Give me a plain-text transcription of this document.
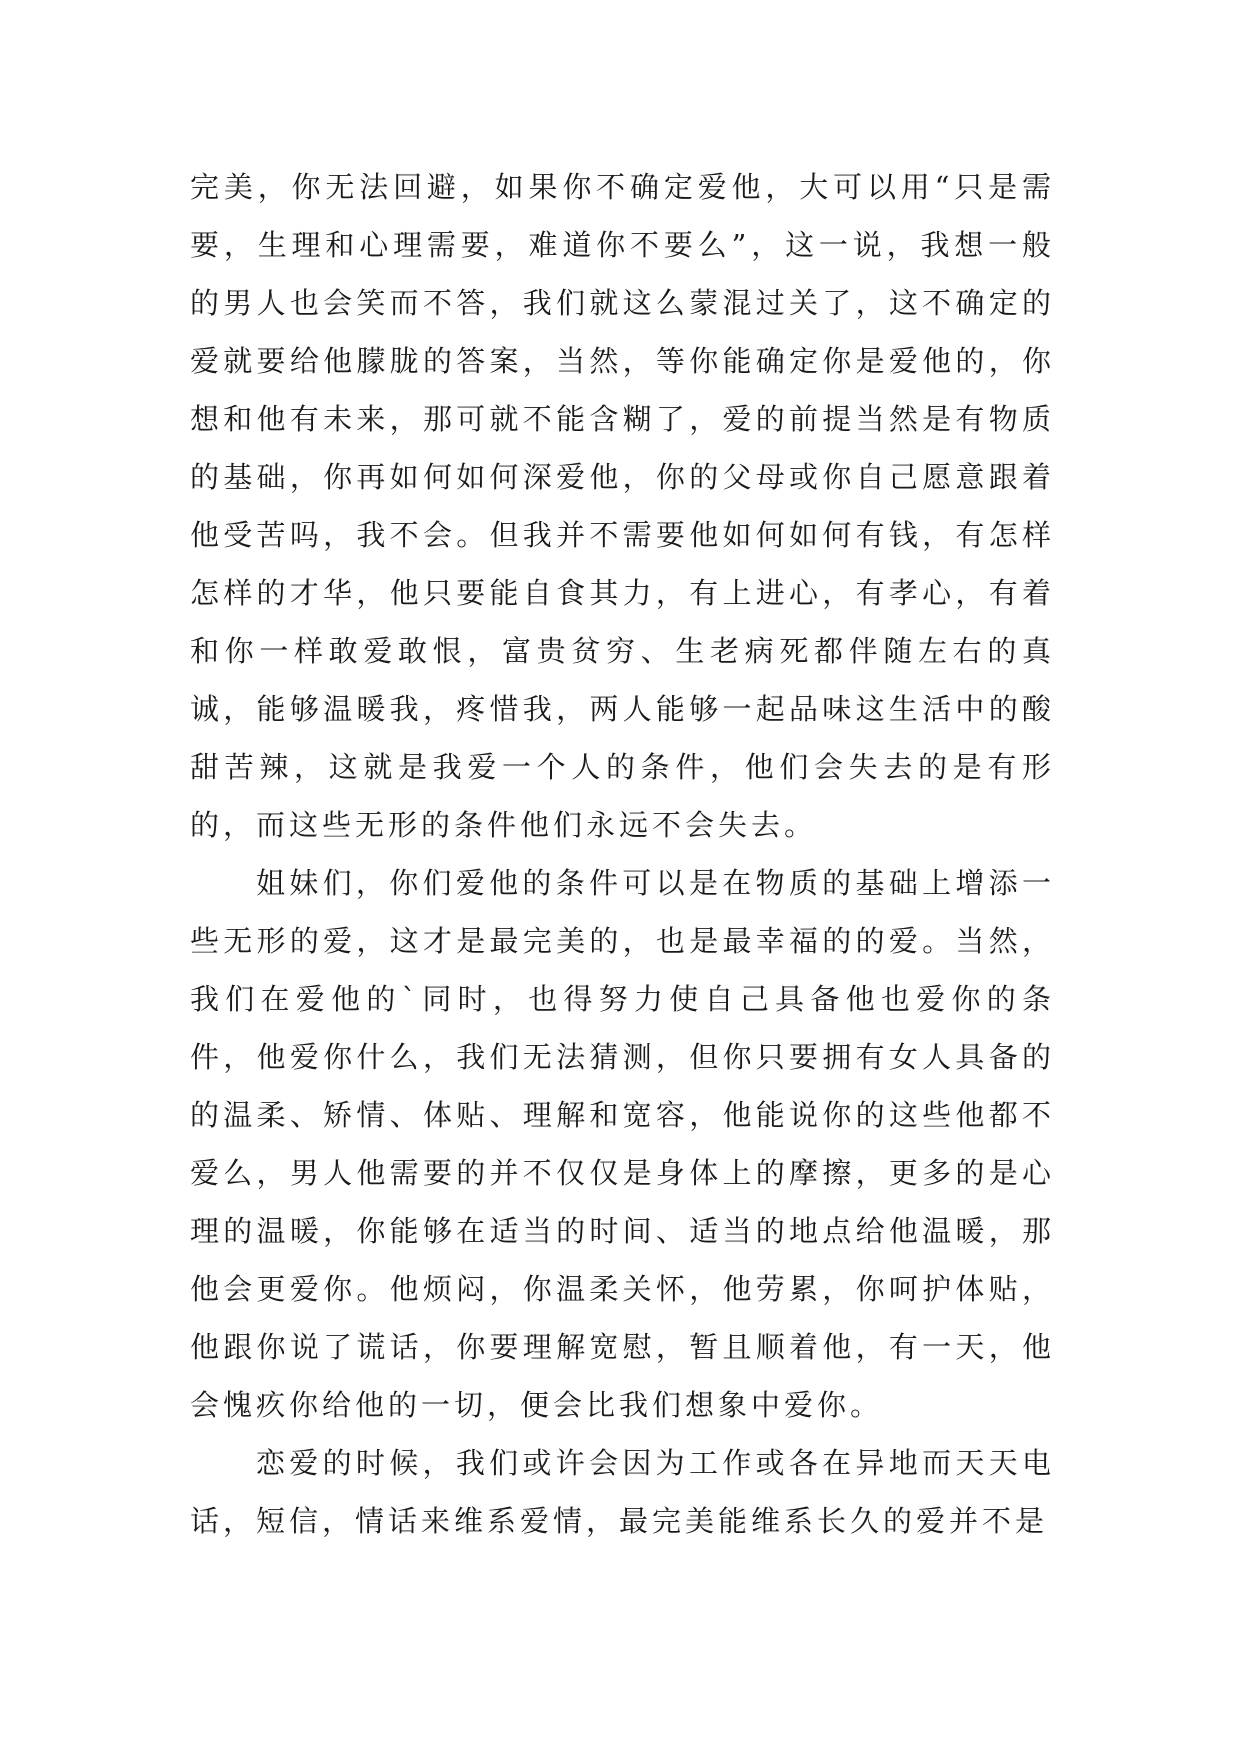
完美，你无法回避，如果你不确定爱他，大可以用“只是需要，生理和心理需要，难道你不要么”，这一说，我想一般的男人也会笑而不答，我们就这么蒙混过关了，这不确定的爱就要给他朦胧的答案，当然，等你能确定你是爱他的，你想和他有未来，那可就不能含糊了，爱的前提当然是有物质的基础，你再如何如何深爱他，你的父母或你自己愿意跟着他受苦吗，我不会。但我并不需要他如何如何有钱，有怎样怎样的才华，他只要能自食其力，有上进心，有孝心，有着和你一样敢爱敢恨，富贵贫穷、生老病死都伴随左右的真诚，能够温暖我，疼惜我，两人能够一起品味这生活中的酸甜苦辣，这就是我爱一个人的条件，他们会失去的是有形的，而这些无形的条件他们永远不会失去。

姐妹们，你们爱他的条件可以是在物质的基础上增添一些无形的爱，这才是最完美的，也是最幸福的的爱。当然，我们在爱他的`同时，也得努力使自己具备他也爱你的条件，他爱你什么，我们无法猜测，但你只要拥有女人具备的的温柔、矫情、体贴、理解和宽容，他能说你的这些他都不爱么，男人他需要的并不仅仅是身体上的摩擦，更多的是心理的温暖，你能够在适当的时间、适当的地点给他温暖，那他会更爱你。他烦闷，你温柔关怀，他劳累，你呵护体贴，他跟你说了谎话，你要理解宽慰，暂且顺着他，有一天，他会愧疚你给他的一切，便会比我们想象中爱你。

恋爱的时候，我们或许会因为工作或各在异地而天天电话，短信，情话来维系爱情，最完美能维系长久的爱并不是
